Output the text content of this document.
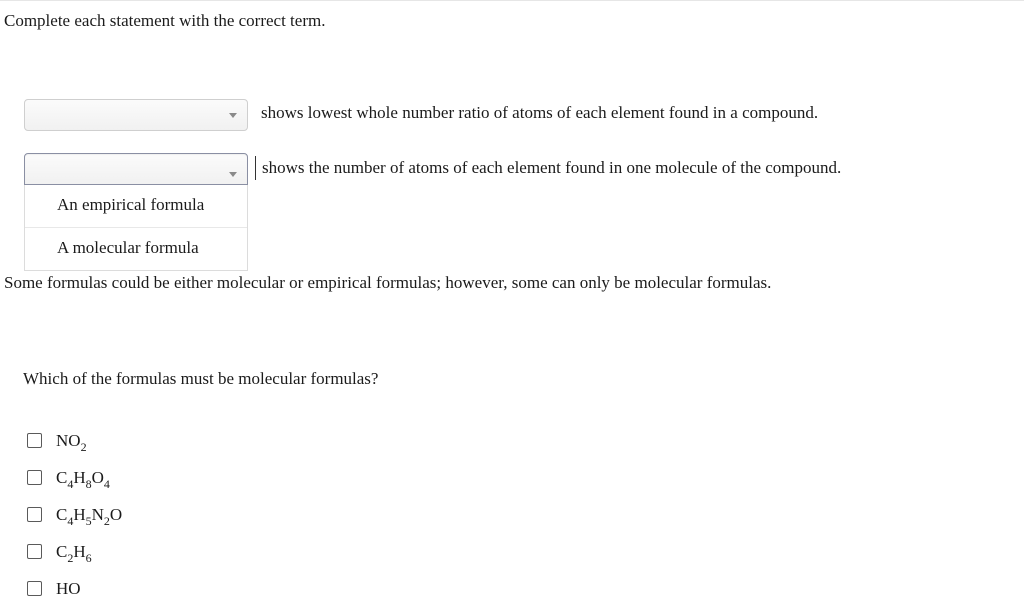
Complete each statement with the correct term.
shows lowest whole number ratio of atoms of each element found in a compound.
shows the number of atoms of each element found in one molecule of the compound.
An empirical formula
A molecular formula
Some formulas could be either molecular or empirical formulas; however, some can only be molecular formulas.
Which of the formulas must be molecular formulas?
$NO_2$
$C_4H_8O_4$
$C_4H_5N_2O$
$C_2H_6$
HO
